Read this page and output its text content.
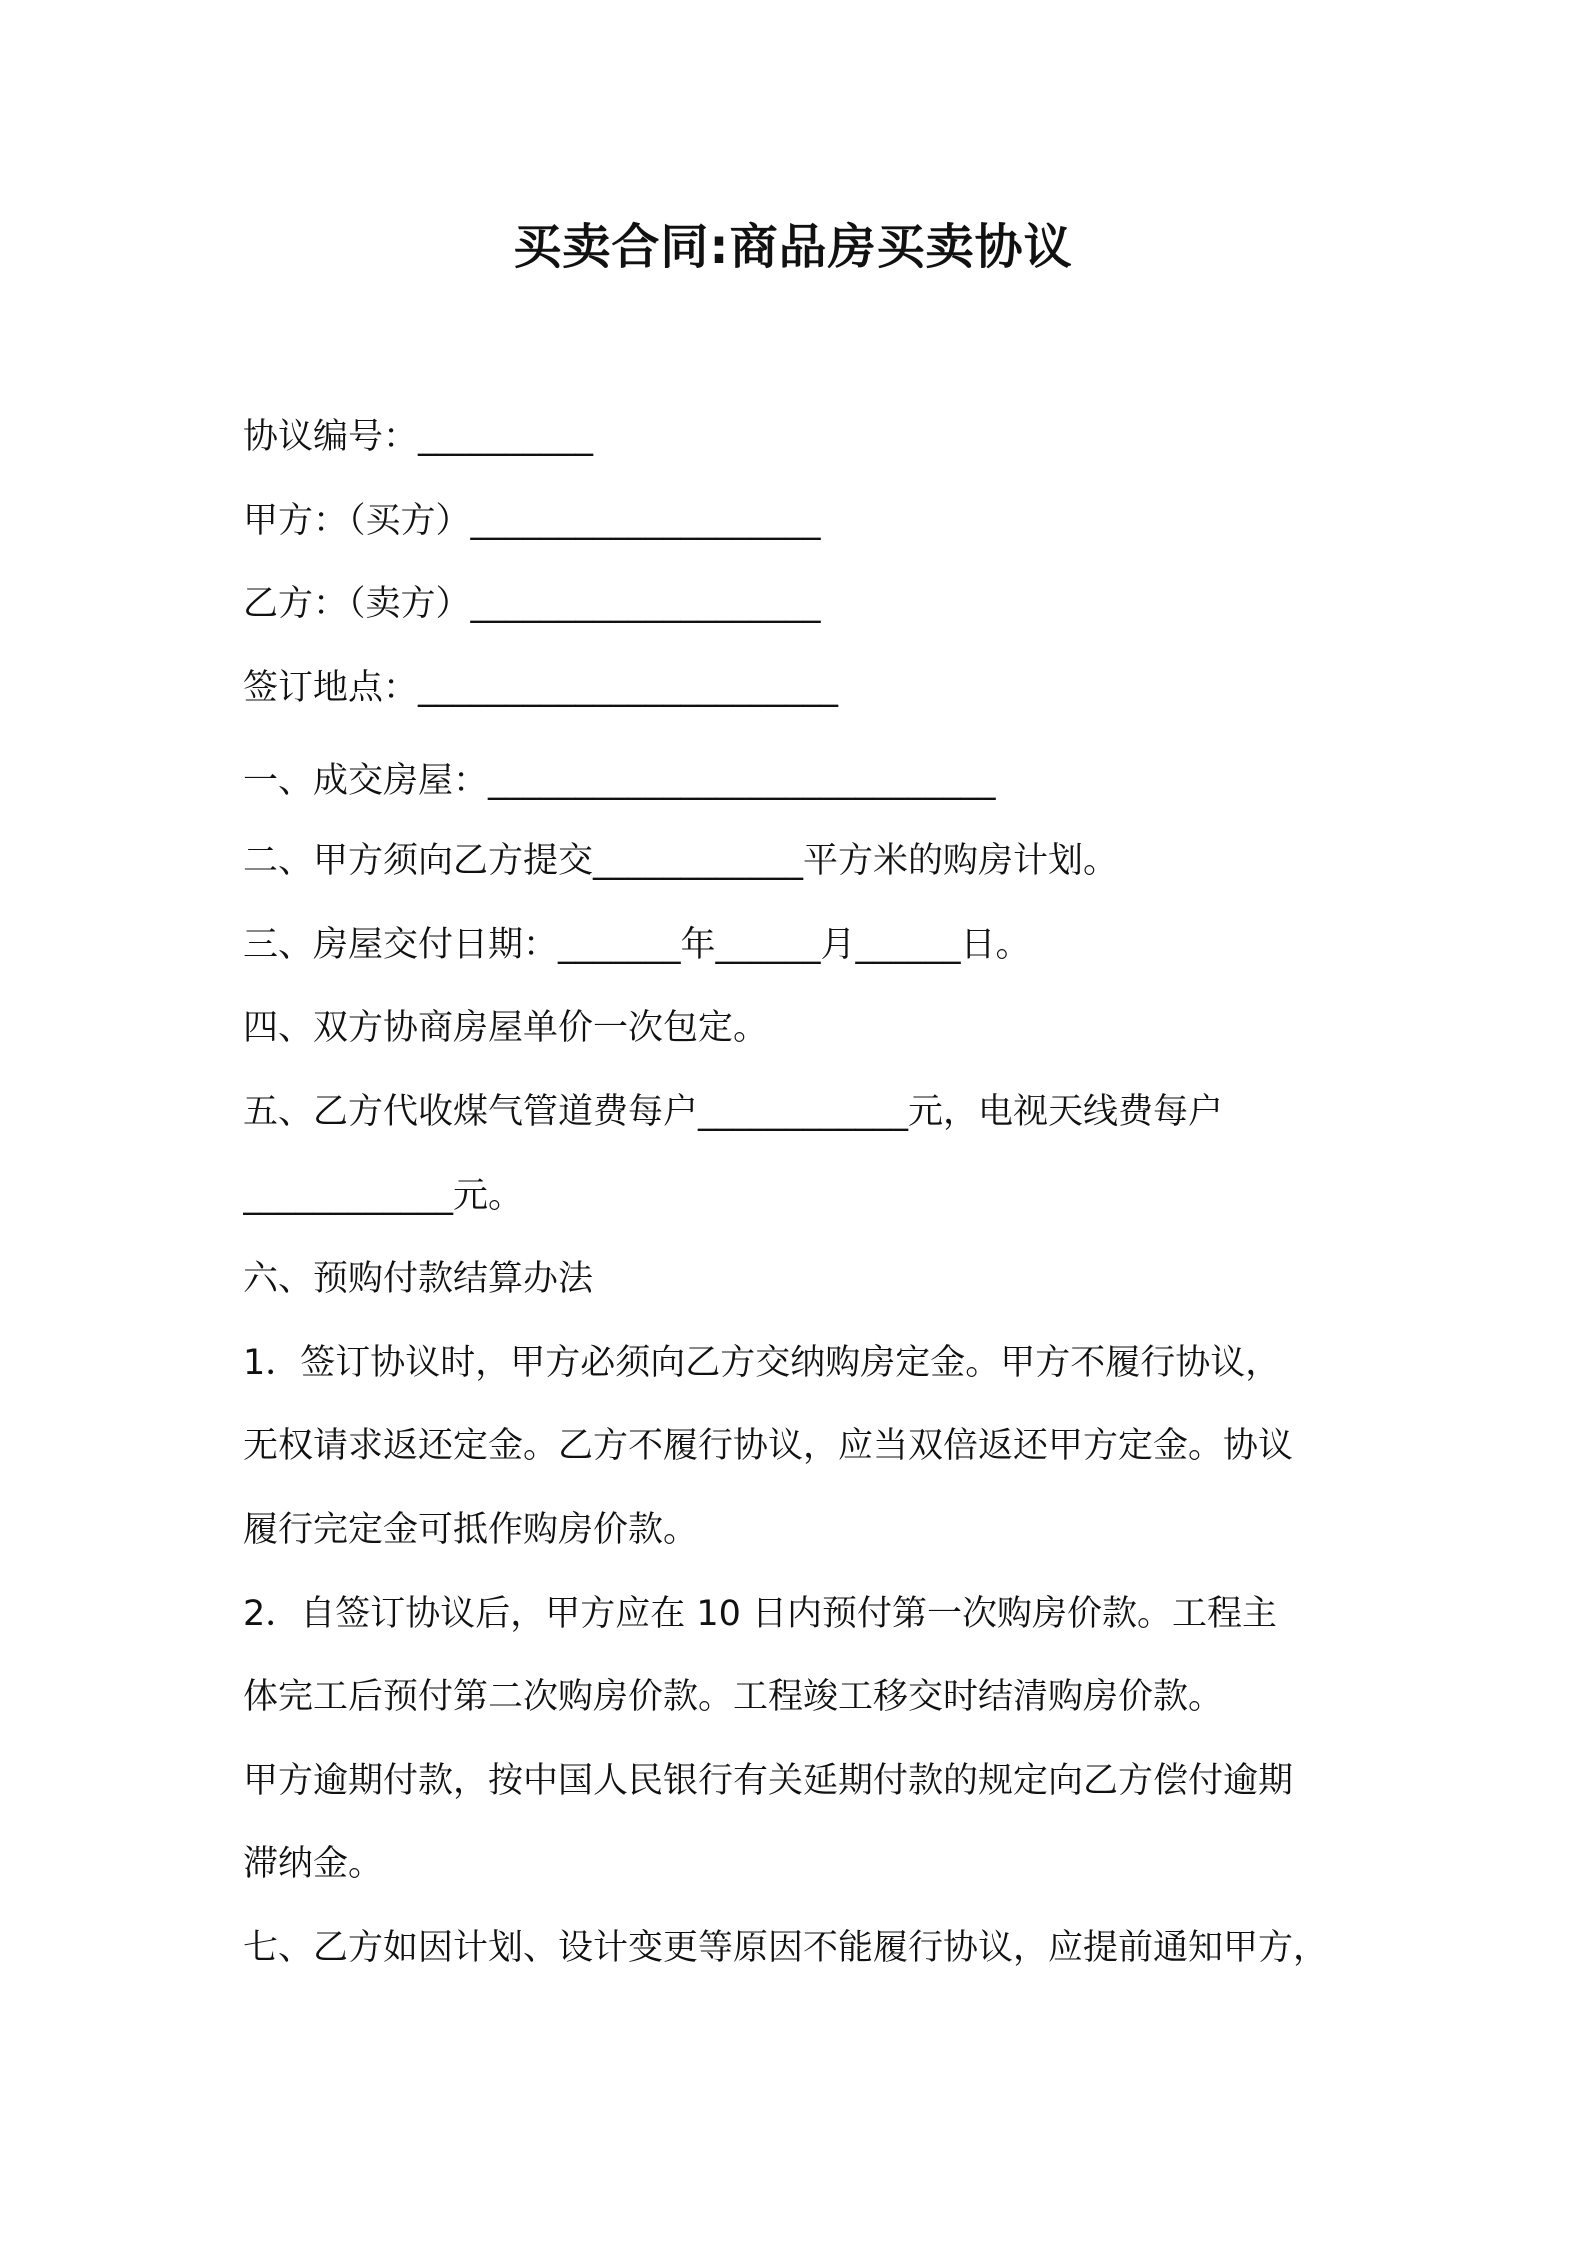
买卖合同:商品房买卖协议
协议编号：__________
甲方：（买方）____________________
乙方：（卖方）____________________
签订地点：________________________
一、成交房屋：_____________________________
二、甲方须向乙方提交____________平方米的购房计划。
三、房屋交付日期：_______年______月______日。
四、双方协商房屋单价一次包定。
五、乙方代收煤气管道费每户____________元，电视天线费每户
____________元。
六、预购付款结算办法
1．签订协议时，甲方必须向乙方交纳购房定金。甲方不履行协议，
无权请求返还定金。乙方不履行协议，应当双倍返还甲方定金。协议
履行完定金可抵作购房价款。
2．自签订协议后，甲方应在 10 日内预付第一次购房价款。工程主
体完工后预付第二次购房价款。工程竣工移交时结清购房价款。
甲方逾期付款，按中国人民银行有关延期付款的规定向乙方偿付逾期
滞纳金。
七、乙方如因计划、设计变更等原因不能履行协议，应提前通知甲方，
